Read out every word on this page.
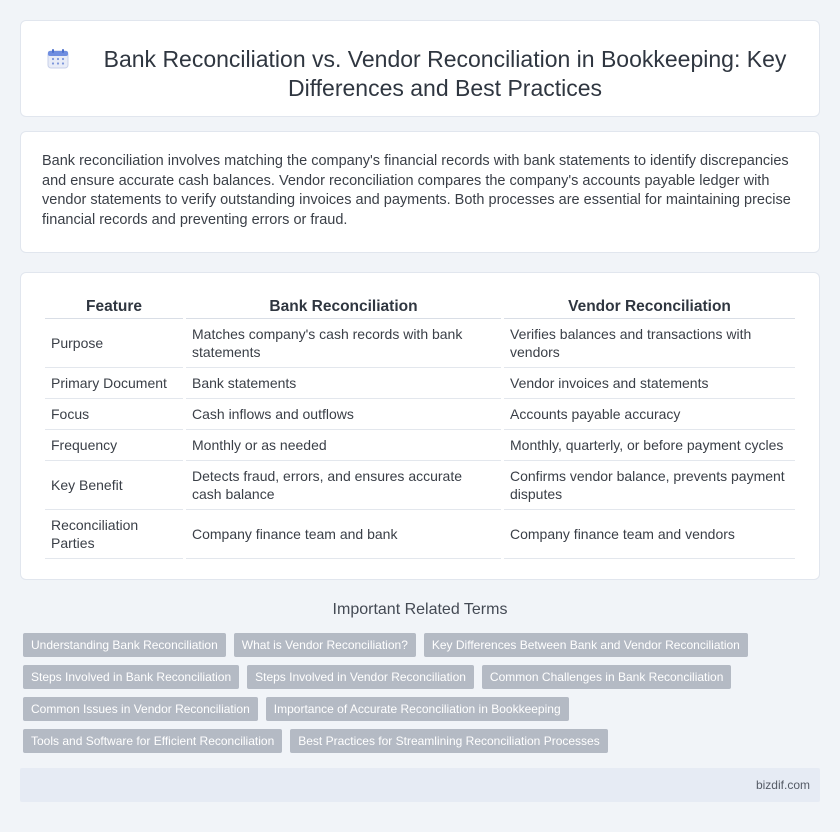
Bank Reconciliation vs. Vendor Reconciliation in Bookkeeping: Key Differences and Best Practices

Bank reconciliation involves matching the company's financial records with bank statements to identify discrepancies and ensure accurate cash balances. Vendor reconciliation compares the company's accounts payable ledger with vendor statements to verify outstanding invoices and payments. Both processes are essential for maintaining precise financial records and preventing errors or fraud.

Feature	Bank Reconciliation	Vendor Reconciliation
Purpose	Matches company's cash records with bank statements	Verifies balances and transactions with vendors
Primary Document	Bank statements	Vendor invoices and statements
Focus	Cash inflows and outflows	Accounts payable accuracy
Frequency	Monthly or as needed	Monthly, quarterly, or before payment cycles
Key Benefit	Detects fraud, errors, and ensures accurate cash balance	Confirms vendor balance, prevents payment disputes
Reconciliation Parties	Company finance team and bank	Company finance team and vendors
Important Related Terms
Understanding Bank Reconciliation	What is Vendor Reconciliation?	Key Differences Between Bank and Vendor Reconciliation
Steps Involved in Bank Reconciliation	Steps Involved in Vendor Reconciliation	Common Challenges in Bank Reconciliation
Common Issues in Vendor Reconciliation	Importance of Accurate Reconciliation in Bookkeeping
Tools and Software for Efficient Reconciliation	Best Practices for Streamlining Reconciliation Processes
bizdif.com
